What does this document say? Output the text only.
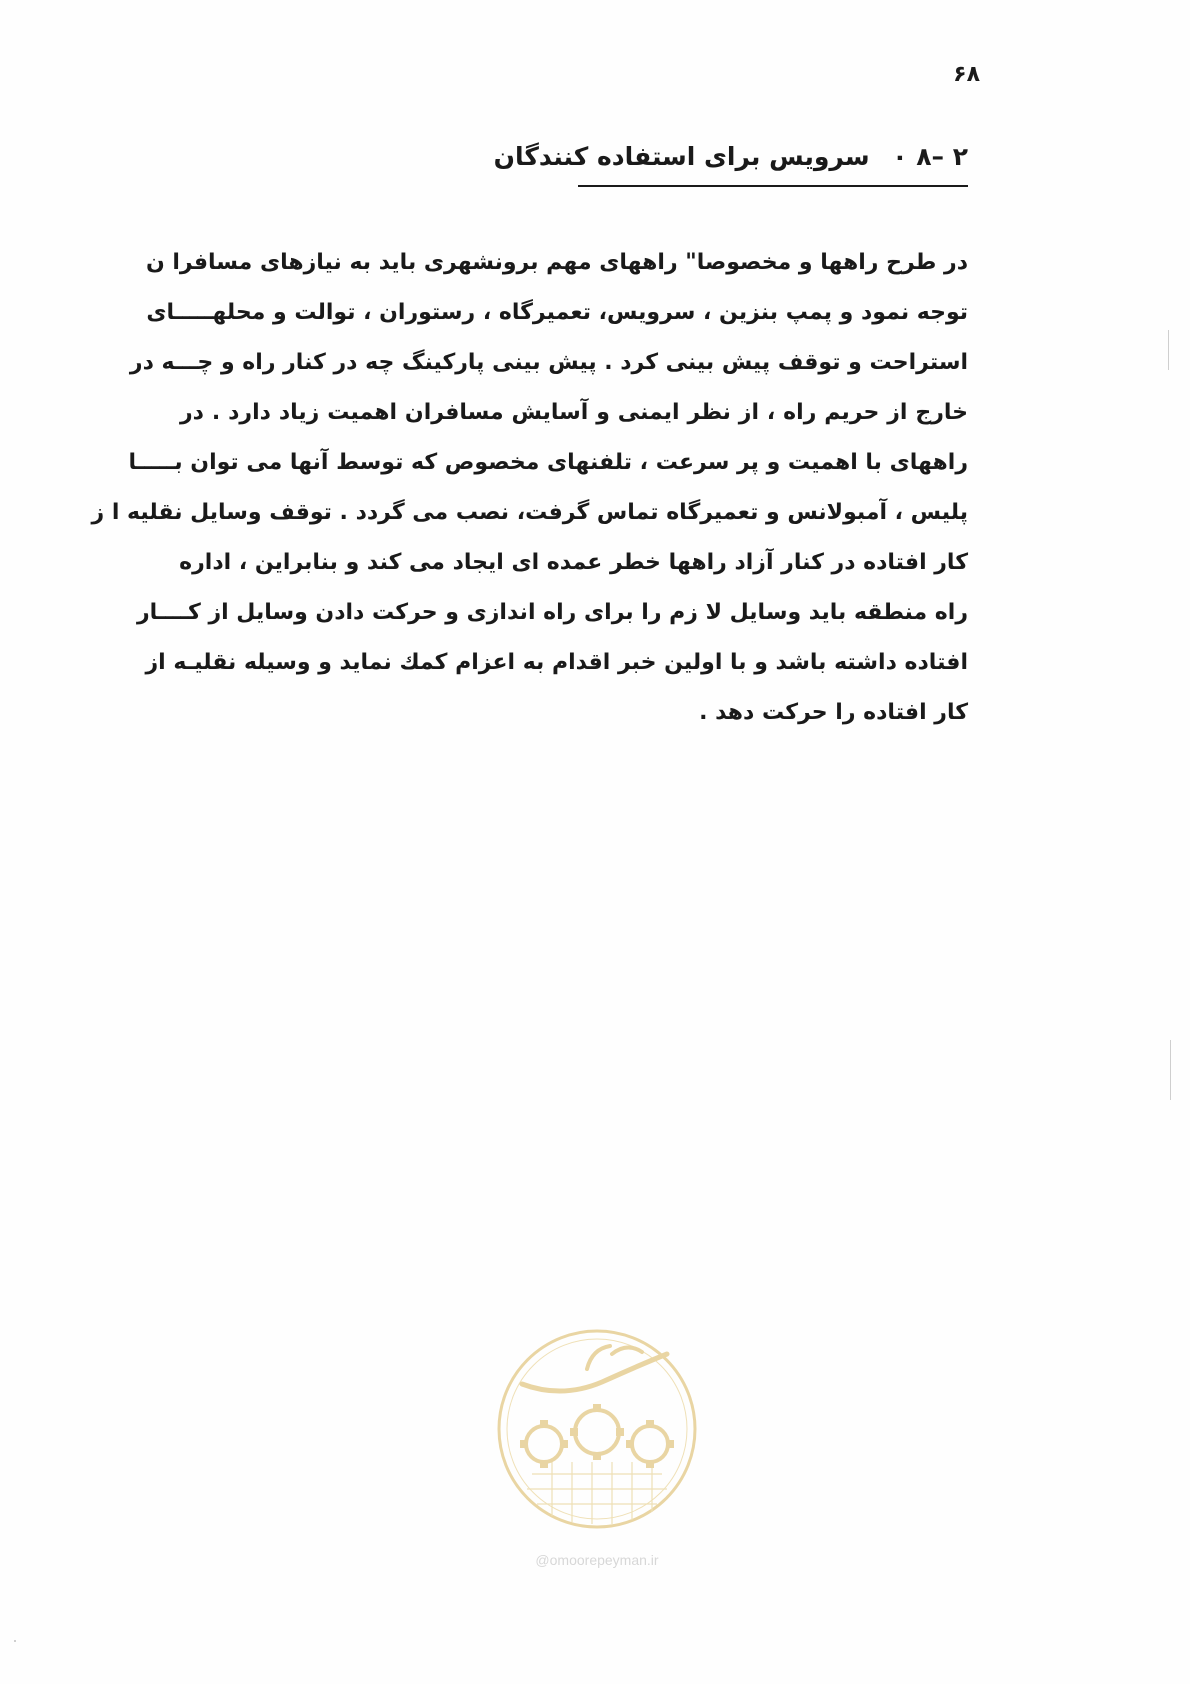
۶۸
۲ –۸ ۰ سرویس برای استفاده کنندگان
در طرح راهها و مخصوصا" راههای مهم برونشهری باید به نیازهای مسافرا ن
توجه نمود و پمپ بنزین ، سرویس، تعمیرگاه ، رستوران ، توالت و محلهـــــای
استراحت و توقف پیش بینی کرد . پیش بینی پارکینگ چه در کنار راه و چـــه در
خارج از حریم راه ، از نظر ایمنی و آسایش مسافران اهمیت زیاد دارد . در
راههای با اهمیت و پر سرعت ، تلفنهای مخصوص که توسط آنها می توان بـــــا
پلیس ، آمبولانس و تعمیرگاه تماس گرفت، نصب می گردد . توقف وسایل نقلیه ا ز
کار افتاده در کنار آزاد راهها خطر عمده ای ایجاد می کند و بنابراین ، اداره
راه منطقه باید وسایل لا زم را برای راه اندازی و حرکت دادن وسایل از کــــار
افتاده داشته باشد و با اولین خبر اقدام به اعزام کمك نماید و وسیله نقلیـه از
کار افتاده را حرکت دهد .
@omoorepeyman.ir
